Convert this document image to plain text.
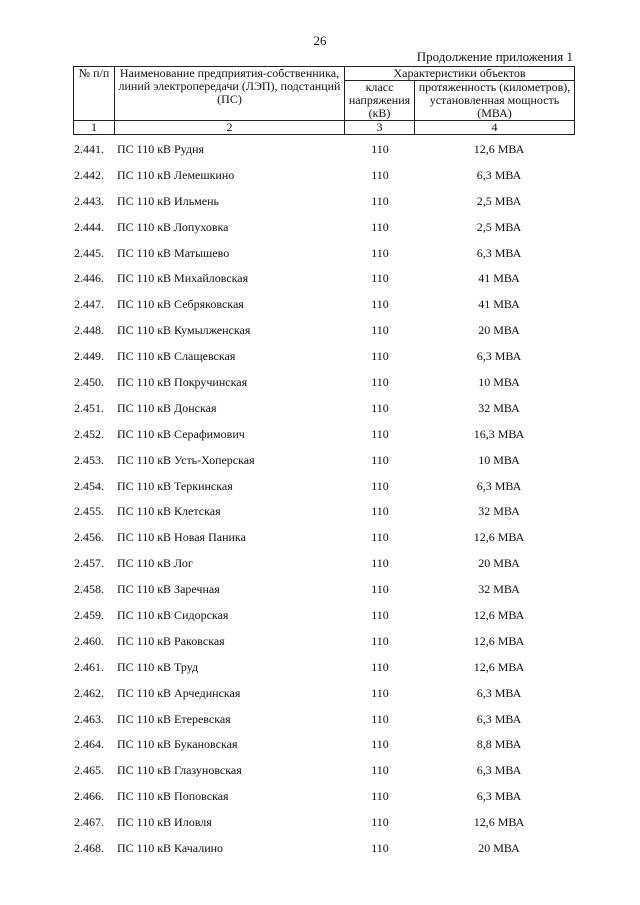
26
Продолжение приложения 1
№ п/п	Наименование предприятия-собственника, линий электропередачи (ЛЭП), подстанций (ПС)	Характеристики объектов	
		класс напряжения (кВ)	протяженность (километров), установленная мощность (МВА)
1	2	3	4
2.441. ПС 110 кВ Рудня	110	12,6 МВА
2.442. ПС 110 кВ Лемешкино	110	6,3 МВА
2.443. ПС 110 кВ Ильмень	110	2,5 МВА
2.444. ПС 110 кВ Лопуховка	110	2,5 МВА
2.445. ПС 110 кВ Матышево	110	6,3 МВА
2.446. ПС 110 кВ Михайловская	110	41 МВА
2.447. ПС 110 кВ Себряковская	110	41 МВА
2.448. ПС 110 кВ Кумылженская	110	20 МВА
2.449. ПС 110 кВ Слащевская	110	6,3 МВА
2.450. ПС 110 кВ Покручинская	110	10 МВА
2.451. ПС 110 кВ Донская	110	32 МВА
2.452. ПС 110 кВ Серафимович	110	16,3 МВА
2.453. ПС 110 кВ Усть-Хоперская	110	10 МВА
2.454. ПС 110 кВ Теркинская	110	6,3 МВА
2.455. ПС 110 кВ Клетская	110	32 МВА
2.456. ПС 110 кВ Новая Паника	110	12,6 МВА
2.457. ПС 110 кВ Лог	110	20 МВА
2.458. ПС 110 кВ Заречная	110	32 МВА
2.459. ПС 110 кВ Сидорская	110	12,6 МВА
2.460. ПС 110 кВ Раковская	110	12,6 МВА
2.461. ПС 110 кВ Труд	110	12,6 МВА
2.462. ПС 110 кВ Арчединская	110	6,3 МВА
2.463. ПС 110 кВ Етеревская	110	6,3 МВА
2.464. ПС 110 кВ Букановская	110	8,8 МВА
2.465. ПС 110 кВ Глазуновская	110	6,3 МВА
2.466. ПС 110 кВ Поповская	110	6,3 МВА
2.467. ПС 110 кВ Иловля	110	12,6 МВА
2.468. ПС 110 кВ Качалино	110	20 МВА
